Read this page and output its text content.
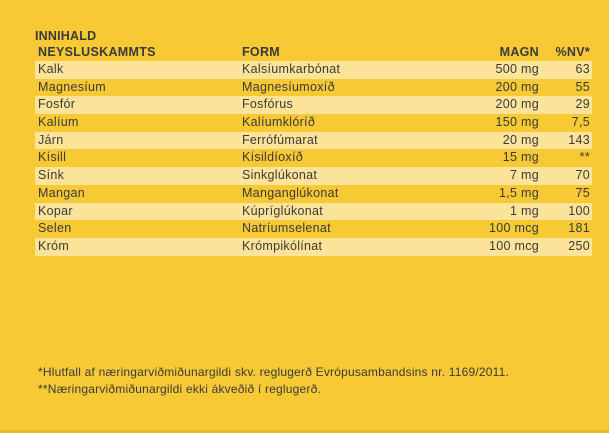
INNIHALD
NEYSLUSKAMMTS	FORM	MAGN	%NV*
Kalk	Kalsíumkarbónat	500 mg	63
Magnesíum	Magnesíumoxíð	200 mg	55
Fosfór	Fosfórus	200 mg	29
Kalíum	Kalíumklóríð	150 mg	7,5
Járn	Ferrófúmarat	20 mg	143
Kísill	Kísildíoxíð	15 mg	**
Sínk	Sinkglúkonat	7 mg	70
Mangan	Manganglúkonat	1,5 mg	75
Kopar	Kúpríglúkonat	1 mg	100
Selen	Natríumselenat	100 mcg	181
Króm	Krómpikólínat	100 mcg	250
*Hlutfall af næringarviðmiðunargildi skv. reglugerð Evrópusambandsins nr. 1169/2011.
**Næringarviðmiðunargildi ekki ákveðið í reglugerð.
